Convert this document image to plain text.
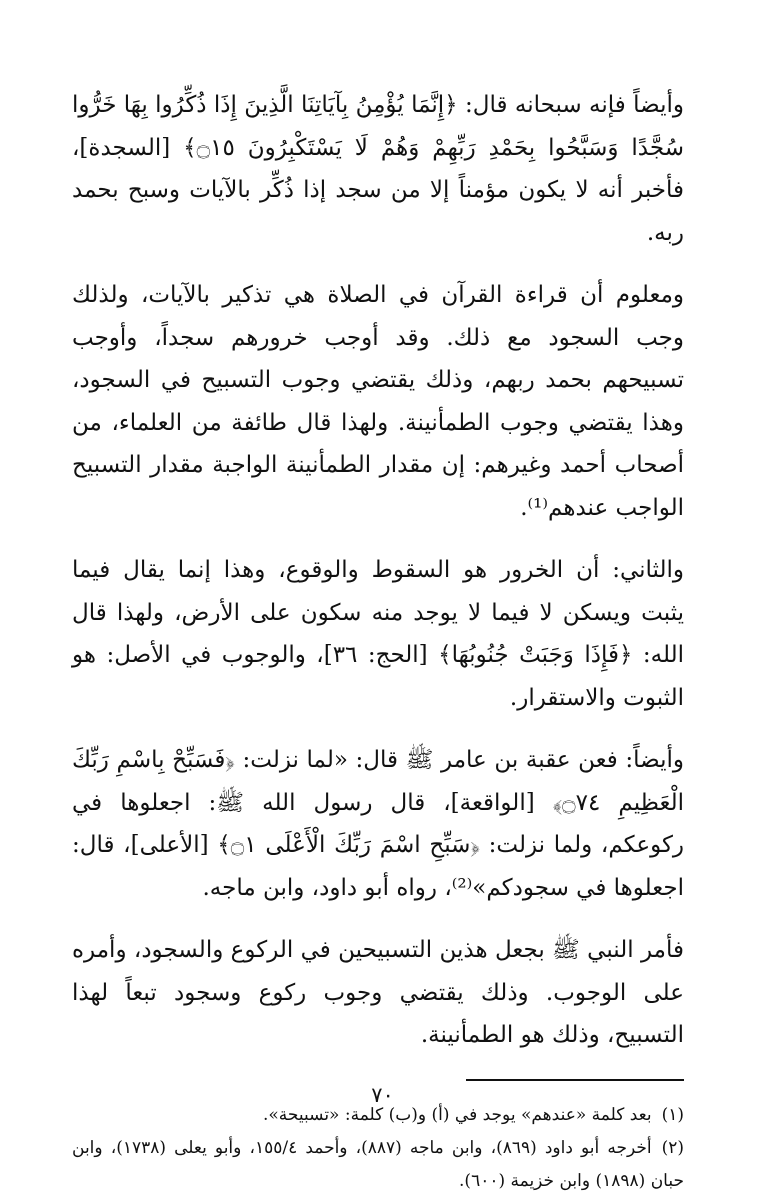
وأيضاً فإنه سبحانه قال: ﴿إِنَّمَا يُؤْمِنُ بِآيَاتِنَا الَّذِينَ إِذَا ذُكِّرُوا بِهَا خَرُّوا سُجَّدًا وَسَبَّحُوا بِحَمْدِ رَبِّهِمْ وَهُمْ لَا يَسْتَكْبِرُونَ ۝١٥﴾ [السجدة]، فأخبر أنه لا يكون مؤمناً إلا من سجد إذا ذُكِّر بالآيات وسبح بحمد ربه.

ومعلوم أن قراءة القرآن في الصلاة هي تذكير بالآيات، ولذلك وجب السجود مع ذلك. وقد أوجب خرورهم سجداً، وأوجب تسبيحهم بحمد ربهم، وذلك يقتضي وجوب التسبيح في السجود، وهذا يقتضي وجوب الطمأنينة. ولهذا قال طائفة من العلماء، من أصحاب أحمد وغيرهم: إن مقدار الطمأنينة الواجبة مقدار التسبيح الواجب عندهم⁽¹⁾.

والثاني: أن الخرور هو السقوط والوقوع، وهذا إنما يقال فيما يثبت ويسكن لا فيما لا يوجد منه سكون على الأرض، ولهذا قال الله: ﴿فَإِذَا وَجَبَتْ جُنُوبُهَا﴾ [الحج: ٣٦]، والوجوب في الأصل: هو الثبوت والاستقرار.

وأيضاً: فعن عقبة بن عامر ﷺ قال: «لما نزلت: ﴿فَسَبِّحْ بِاسْمِ رَبِّكَ الْعَظِيمِ ۝٧٤﴾ [الواقعة]، قال رسول الله ﷺ: اجعلوها في ركوعكم، ولما نزلت: ﴿سَبِّحِ اسْمَ رَبِّكَ الْأَعْلَى ۝١﴾ [الأعلى]، قال: اجعلوها في سجودكم»⁽²⁾، رواه أبو داود، وابن ماجه.

فأمر النبي ﷺ بجعل هذين التسبيحين في الركوع والسجود، وأمره على الوجوب. وذلك يقتضي وجوب ركوع وسجود تبعاً لهذا التسبيح، وذلك هو الطمأنينة.

(١)بعد كلمة «عندهم» يوجد في (أ) و(ب) كلمة: «تسبيحة».

(٢)أخرجه أبو داود (٨٦٩)، وابن ماجه (٨٨٧)، وأحمد ١٥٥/٤، وأبو يعلى (١٧٣٨)، وابن حبان (١٨٩٨) وابن خزيمة (٦٠٠).

٧٠
